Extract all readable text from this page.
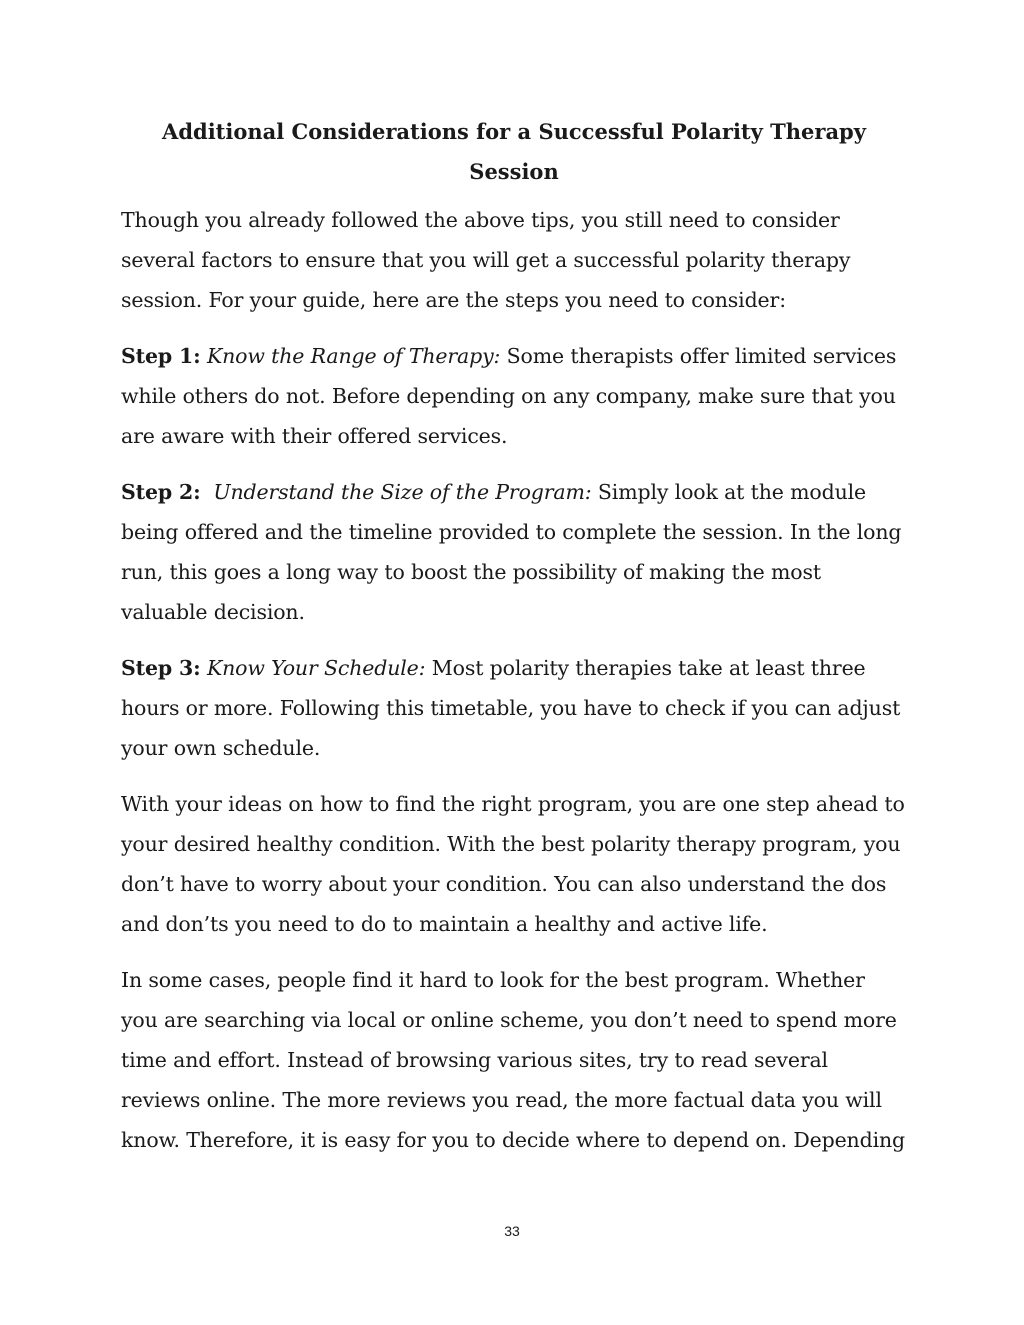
Additional Considerations for a Successful Polarity Therapy Session

Though you already followed the above tips, you still need to consider several factors to ensure that you will get a successful polarity therapy session. For your guide, here are the steps you need to consider:

Step 1: Know the Range of Therapy: Some therapists offer limited services while others do not. Before depending on any company, make sure that you are aware with their offered services.

Step 2: Understand the Size of the Program: Simply look at the module being offered and the timeline provided to complete the session. In the long run, this goes a long way to boost the possibility of making the most valuable decision.

Step 3: Know Your Schedule: Most polarity therapies take at least three hours or more. Following this timetable, you have to check if you can adjust your own schedule.

With your ideas on how to find the right program, you are one step ahead to your desired healthy condition. With the best polarity therapy program, you don’t have to worry about your condition. You can also understand the dos and don’ts you need to do to maintain a healthy and active life.

In some cases, people find it hard to look for the best program. Whether you are searching via local or online scheme, you don’t need to spend more time and effort. Instead of browsing various sites, try to read several reviews online. The more reviews you read, the more factual data you will know. Therefore, it is easy for you to decide where to depend on. Depending

33
